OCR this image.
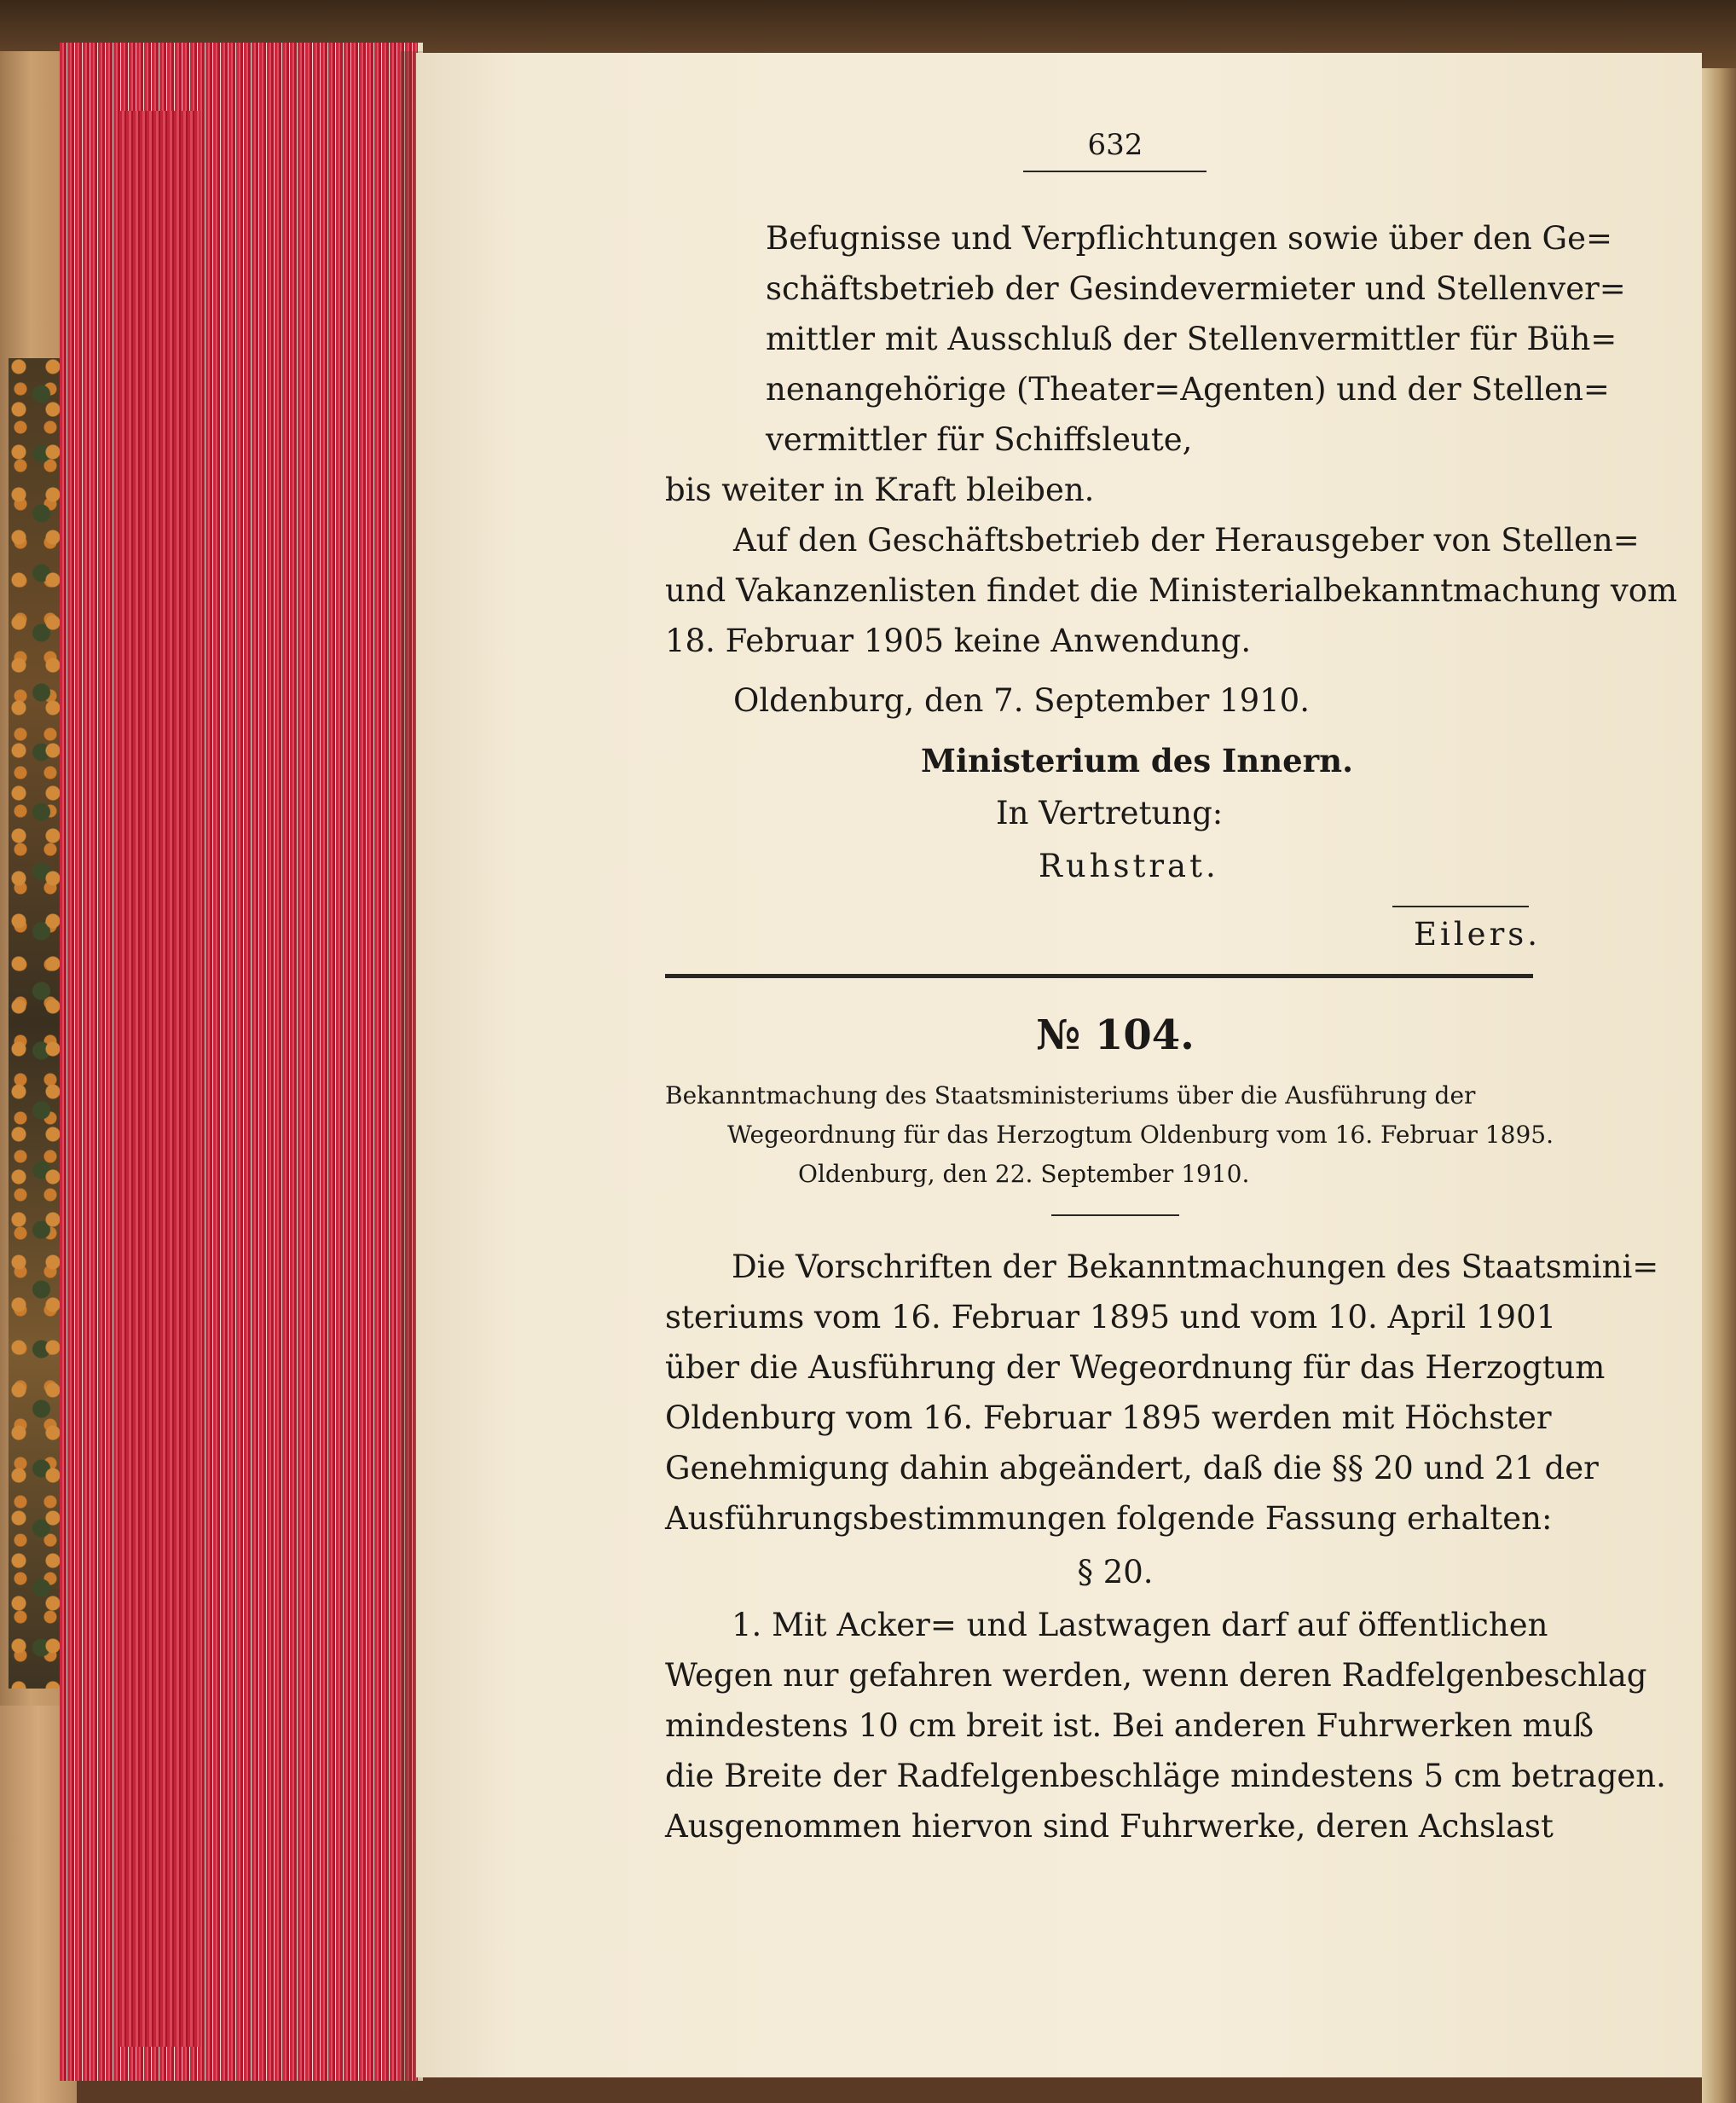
632
Befugnisse und Verpflichtungen sowie über den Ge=
schäftsbetrieb der Gesindevermieter und Stellenver=
mittler mit Ausschluß der Stellenvermittler für Büh=
nenangehörige (Theater=Agenten) und der Stellen=
vermittler für Schiffsleute,
bis weiter in Kraft bleiben.
Auf den Geschäftsbetrieb der Herausgeber von Stellen=
und Vakanzenlisten findet die Ministerialbekanntmachung vom
18. Februar 1905 keine Anwendung.
Oldenburg, den 7. September 1910.
Ministerium des Innern.
In Vertretung:
Ruhstrat.
Eilers.
№ 104.
Bekanntmachung des Staatsministeriums über die Ausführung der
Wegeordnung für das Herzogtum Oldenburg vom 16. Februar 1895.
Oldenburg, den 22. September 1910.
Die Vorschriften der Bekanntmachungen des Staatsmini=
steriums vom 16. Februar 1895 und vom 10. April 1901
über die Ausführung der Wegeordnung für das Herzogtum
Oldenburg vom 16. Februar 1895 werden mit Höchster
Genehmigung dahin abgeändert, daß die §§ 20 und 21 der
Ausführungsbestimmungen folgende Fassung erhalten:
§ 20.
1. Mit Acker= und Lastwagen darf auf öffentlichen
Wegen nur gefahren werden, wenn deren Radfelgenbeschlag
mindestens 10 cm breit ist. Bei anderen Fuhrwerken muß
die Breite der Radfelgenbeschläge mindestens 5 cm betragen.
Ausgenommen hiervon sind Fuhrwerke, deren Achslast
